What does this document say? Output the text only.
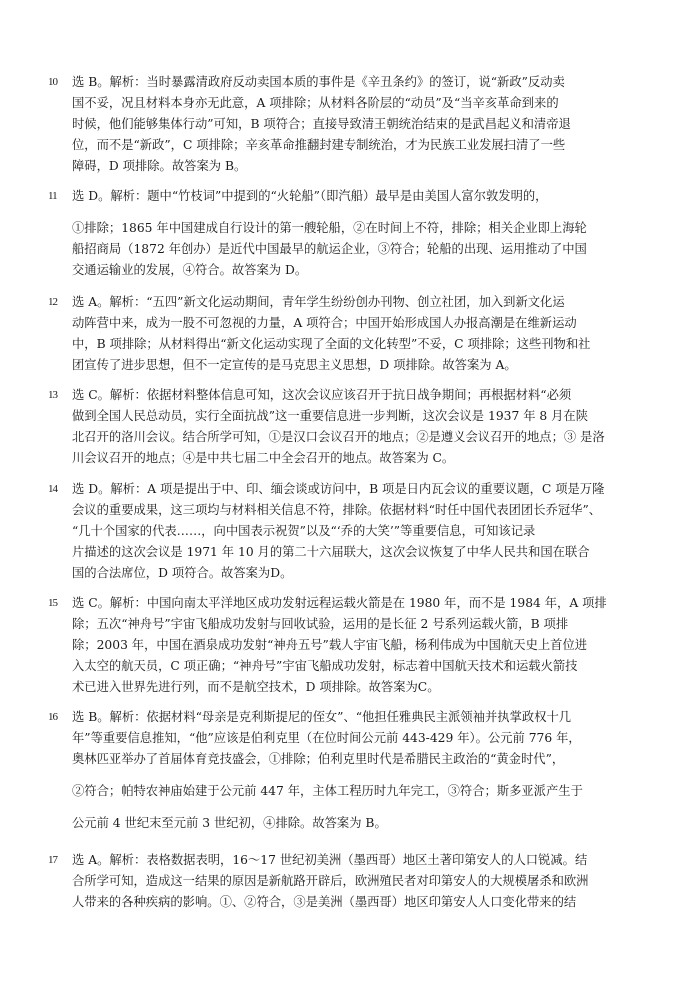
10 选 B。解析：当时暴露清政府反动卖国本质的事件是《辛丑条约》的签订，说“新政”反动卖
国不妥，况且材料本身亦无此意，A 项排除；从材料各阶层的“动员”及“当辛亥革命到来的
时候，他们能够集体行动”可知，B 项符合；直接导致清王朝统治结束的是武昌起义和清帝退
位，而不是“新政”，C 项排除；辛亥革命推翻封建专制统治，才为民族工业发展扫清了一些
障碍，D 项排除。故答案为 B。
11 选 D。解析：题中“竹枝词”中提到的“火轮船”（即汽船）最早是由美国人富尔敦发明的，
①排除；1865 年中国建成自行设计的第一艘轮船，②在时间上不符，排除；相关企业即上海轮
船招商局（1872 年创办）是近代中国最早的航运企业，③符合；轮船的出现、运用推动了中国
交通运输业的发展，④符合。故答案为 D。
12 选 A。解析：“五四”新文化运动期间，青年学生纷纷创办刊物、创立社团，加入到新文化运
动阵营中来，成为一股不可忽视的力量，A 项符合；中国开始形成国人办报高潮是在维新运动
中，B 项排除；从材料得出“新文化运动实现了全面的文化转型”不妥，C 项排除；这些刊物和社
团宣传了进步思想，但不一定宣传的是马克思主义思想，D 项排除。故答案为 A。
13 选 C。解析：依据材料整体信息可知，这次会议应该召开于抗日战争期间；再根据材料“必须
做到全国人民总动员，实行全面抗战”这一重要信息进一步判断，这次会议是 1937 年 8 月在陕
北召开的洛川会议。结合所学可知，①是汉口会议召开的地点；②是遵义会议召开的地点；③ 是洛
川会议召开的地点；④是中共七届二中全会召开的地点。故答案为 C。
14 选 D。解析：A 项是提出于中、印、缅会谈或访问中，B 项是日内瓦会议的重要议题，C 项是万隆
会议的重要成果，这三项均与材料相关信息不符，排除。依据材料“时任中国代表团团长乔冠华”、
“几十个国家的代表……，向中国表示祝贺”以及“‘乔的大笑’”等重要信息，可知该记录
片描述的这次会议是 1971 年 10 月的第二十六届联大，这次会议恢复了中华人民共和国在联合
国的合法席位，D 项符合。故答案为D。
15 选 C。解析：中国向南太平洋地区成功发射远程运载火箭是在 1980 年，而不是 1984 年，A 项排
除；五次“神舟号”宇宙飞船成功发射与回收试验，运用的是长征 2 号系列运载火箭，B 项排
除；2003 年，中国在酒泉成功发射“神舟五号”载人宇宙飞船，杨利伟成为中国航天史上首位进
入太空的航天员，C 项正确；“神舟号”宇宙飞船成功发射，标志着中国航天技术和运载火箭技
术已进入世界先进行列，而不是航空技术，D 项排除。故答案为C。
16 选 B。解析：依据材料“母亲是克利斯提尼的侄女”、“他担任雅典民主派领袖并执掌政权十几
年”等重要信息推知，“他”应该是伯利克里（在位时间公元前 443-429 年）。公元前 776 年，
奥林匹亚举办了首届体育竞技盛会，①排除；伯利克里时代是希腊民主政治的“黄金时代”，
②符合；帕特农神庙始建于公元前 447 年，主体工程历时九年完工，③符合；斯多亚派产生于
公元前 4 世纪末至元前 3 世纪初，④排除。故答案为 B。
17 选 A。解析：表格数据表明，16～17 世纪初美洲（墨西哥）地区土著印第安人的人口锐减。结
合所学可知，造成这一结果的原因是新航路开辟后，欧洲殖民者对印第安人的大规模屠杀和欧洲
人带来的各种疾病的影响。①、②符合，③是美洲（墨西哥）地区印第安人人口变化带来的结
